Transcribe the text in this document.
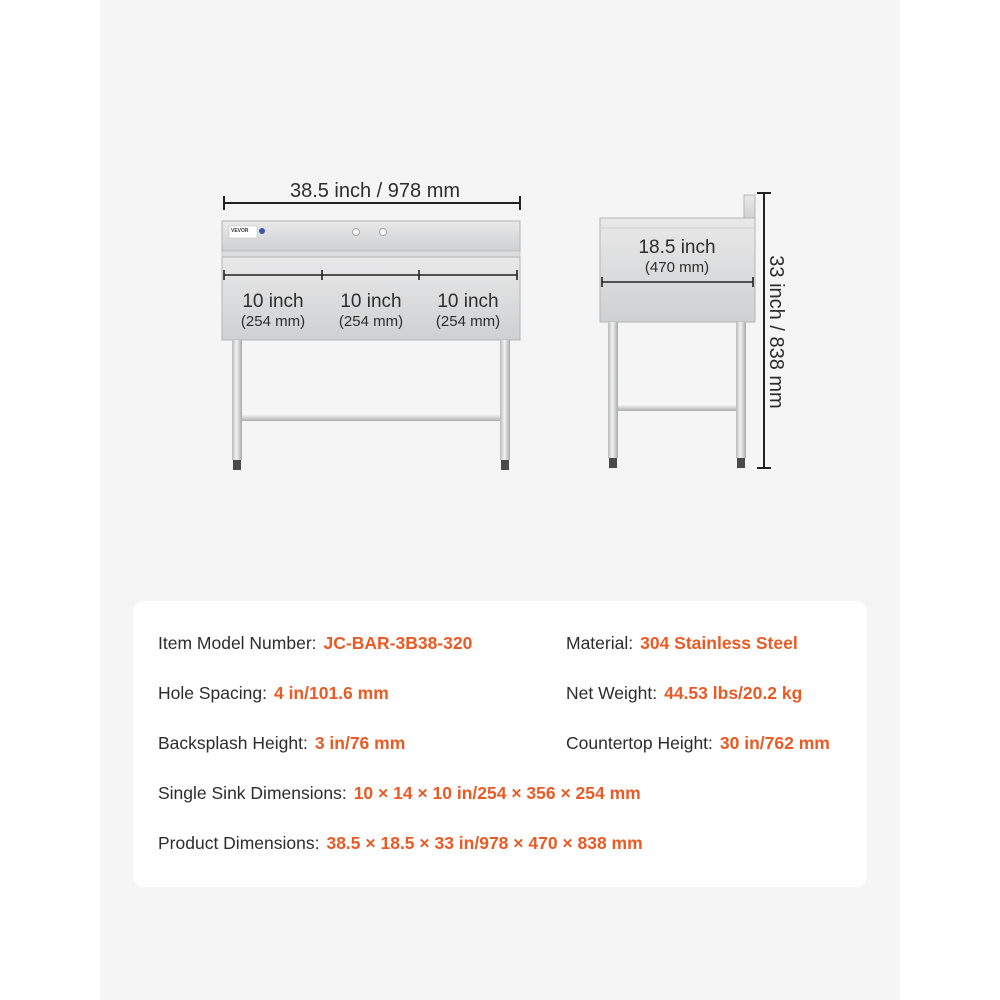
38.5 inch / 978 mm
VEVOR
10 inch
(254 mm)
10 inch
(254 mm)
10 inch
(254 mm)
18.5 inch
(470 mm)	33 inch / 838 mm
Item Model Number: JC-BAR-3B38-320	Material: 304 Stainless Steel
Hole Spacing: 4 in/101.6 mm	Net Weight: 44.53 lbs/20.2 kg
Backsplash Height: 3 in/76 mm	Countertop Height: 30 in/762 mm
Single Sink Dimensions: 10 × 14 × 10 in/254 × 356 × 254 mm
Product Dimensions: 38.5 × 18.5 × 33 in/978 × 470 × 838 mm
